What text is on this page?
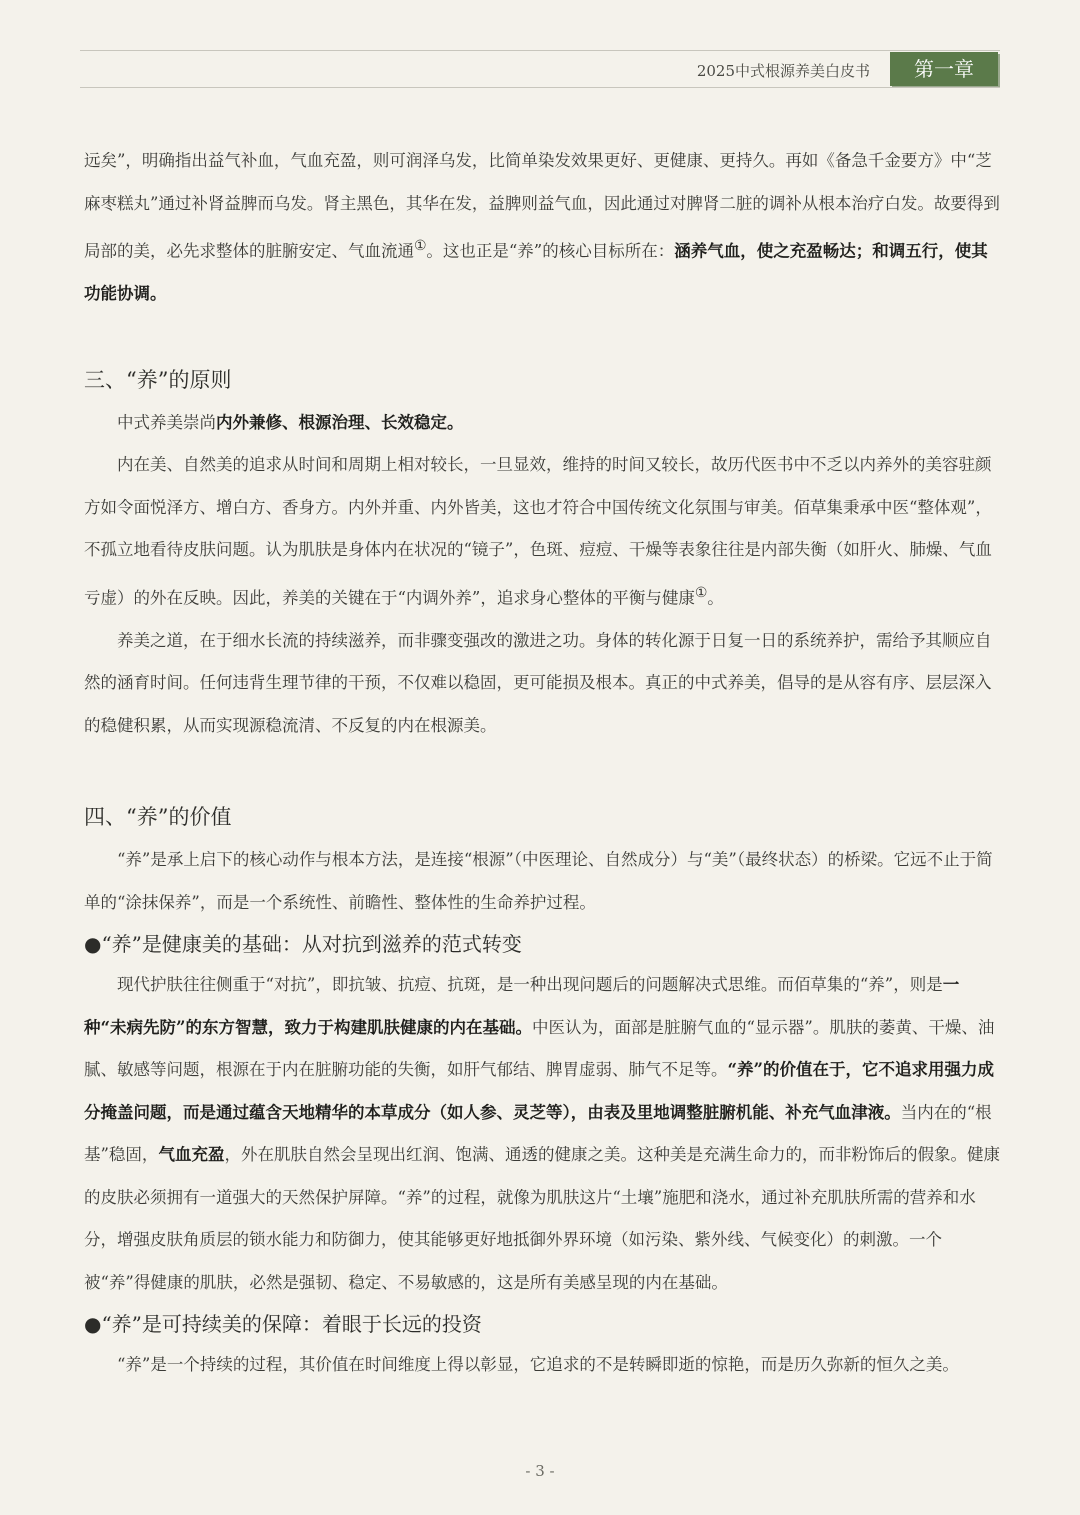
2025中式根源养美白皮书	第一章

远矣”，明确指出益气补血，气血充盈，则可润泽乌发，比简单染发效果更好、更健康、更持久。再如《备急千金要方》中“芝麻枣糕丸”通过补肾益脾而乌发。肾主黑色，其华在发，益脾则益气血，因此通过对脾肾二脏的调补从根本治疗白发。故要得到局部的美，必先求整体的脏腑安定、气血流通①。这也正是“养”的核心目标所在：涵养气血，使之充盈畅达；和调五行，使其功能协调。

三、“养”的原则

中式养美崇尚内外兼修、根源治理、长效稳定。

内在美、自然美的追求从时间和周期上相对较长，一旦显效，维持的时间又较长，故历代医书中不乏以内养外的美容驻颜方如令面悦泽方、增白方、香身方。内外并重、内外皆美，这也才符合中国传统文化氛围与审美。佰草集秉承中医“整体观”，不孤立地看待皮肤问题。认为肌肤是身体内在状况的“镜子”，色斑、痘痘、干燥等表象往往是内部失衡（如肝火、肺燥、气血亏虚）的外在反映。因此，养美的关键在于“内调外养”，追求身心整体的平衡与健康①。

养美之道，在于细水长流的持续滋养，而非骤变强改的激进之功。身体的转化源于日复一日的系统养护，需给予其顺应自然的涵育时间。任何违背生理节律的干预，不仅难以稳固，更可能损及根本。真正的中式养美，倡导的是从容有序、层层深入的稳健积累，从而实现源稳流清、不反复的内在根源美。

四、“养”的价值

“养”是承上启下的核心动作与根本方法，是连接“根源”（中医理论、自然成分）与“美”（最终状态）的桥梁。它远不止于简单的“涂抹保养”，而是一个系统性、前瞻性、整体性的生命养护过程。

●“养”是健康美的基础：从对抗到滋养的范式转变

现代护肤往往侧重于“对抗”，即抗皱、抗痘、抗斑，是一种出现问题后的问题解决式思维。而佰草集的“养”，则是一种“未病先防”的东方智慧，致力于构建肌肤健康的内在基础。中医认为，面部是脏腑气血的“显示器”。肌肤的萎黄、干燥、油腻、敏感等问题，根源在于内在脏腑功能的失衡，如肝气郁结、脾胃虚弱、肺气不足等。“养”的价值在于，它不追求用强力成分掩盖问题，而是通过蕴含天地精华的本草成分（如人参、灵芝等），由表及里地调整脏腑机能、补充气血津液。当内在的“根基”稳固，气血充盈，外在肌肤自然会呈现出红润、饱满、通透的健康之美。这种美是充满生命力的，而非粉饰后的假象。健康的皮肤必须拥有一道强大的天然保护屏障。“养”的过程，就像为肌肤这片“土壤”施肥和浇水，通过补充肌肤所需的营养和水分，增强皮肤角质层的锁水能力和防御力，使其能够更好地抵御外界环境（如污染、紫外线、气候变化）的刺激。一个被“养”得健康的肌肤，必然是强韧、稳定、不易敏感的，这是所有美感呈现的内在基础。

●“养”是可持续美的保障：着眼于长远的投资

“养”是一个持续的过程，其价值在时间维度上得以彰显，它追求的不是转瞬即逝的惊艳，而是历久弥新的恒久之美。

- 3 -
